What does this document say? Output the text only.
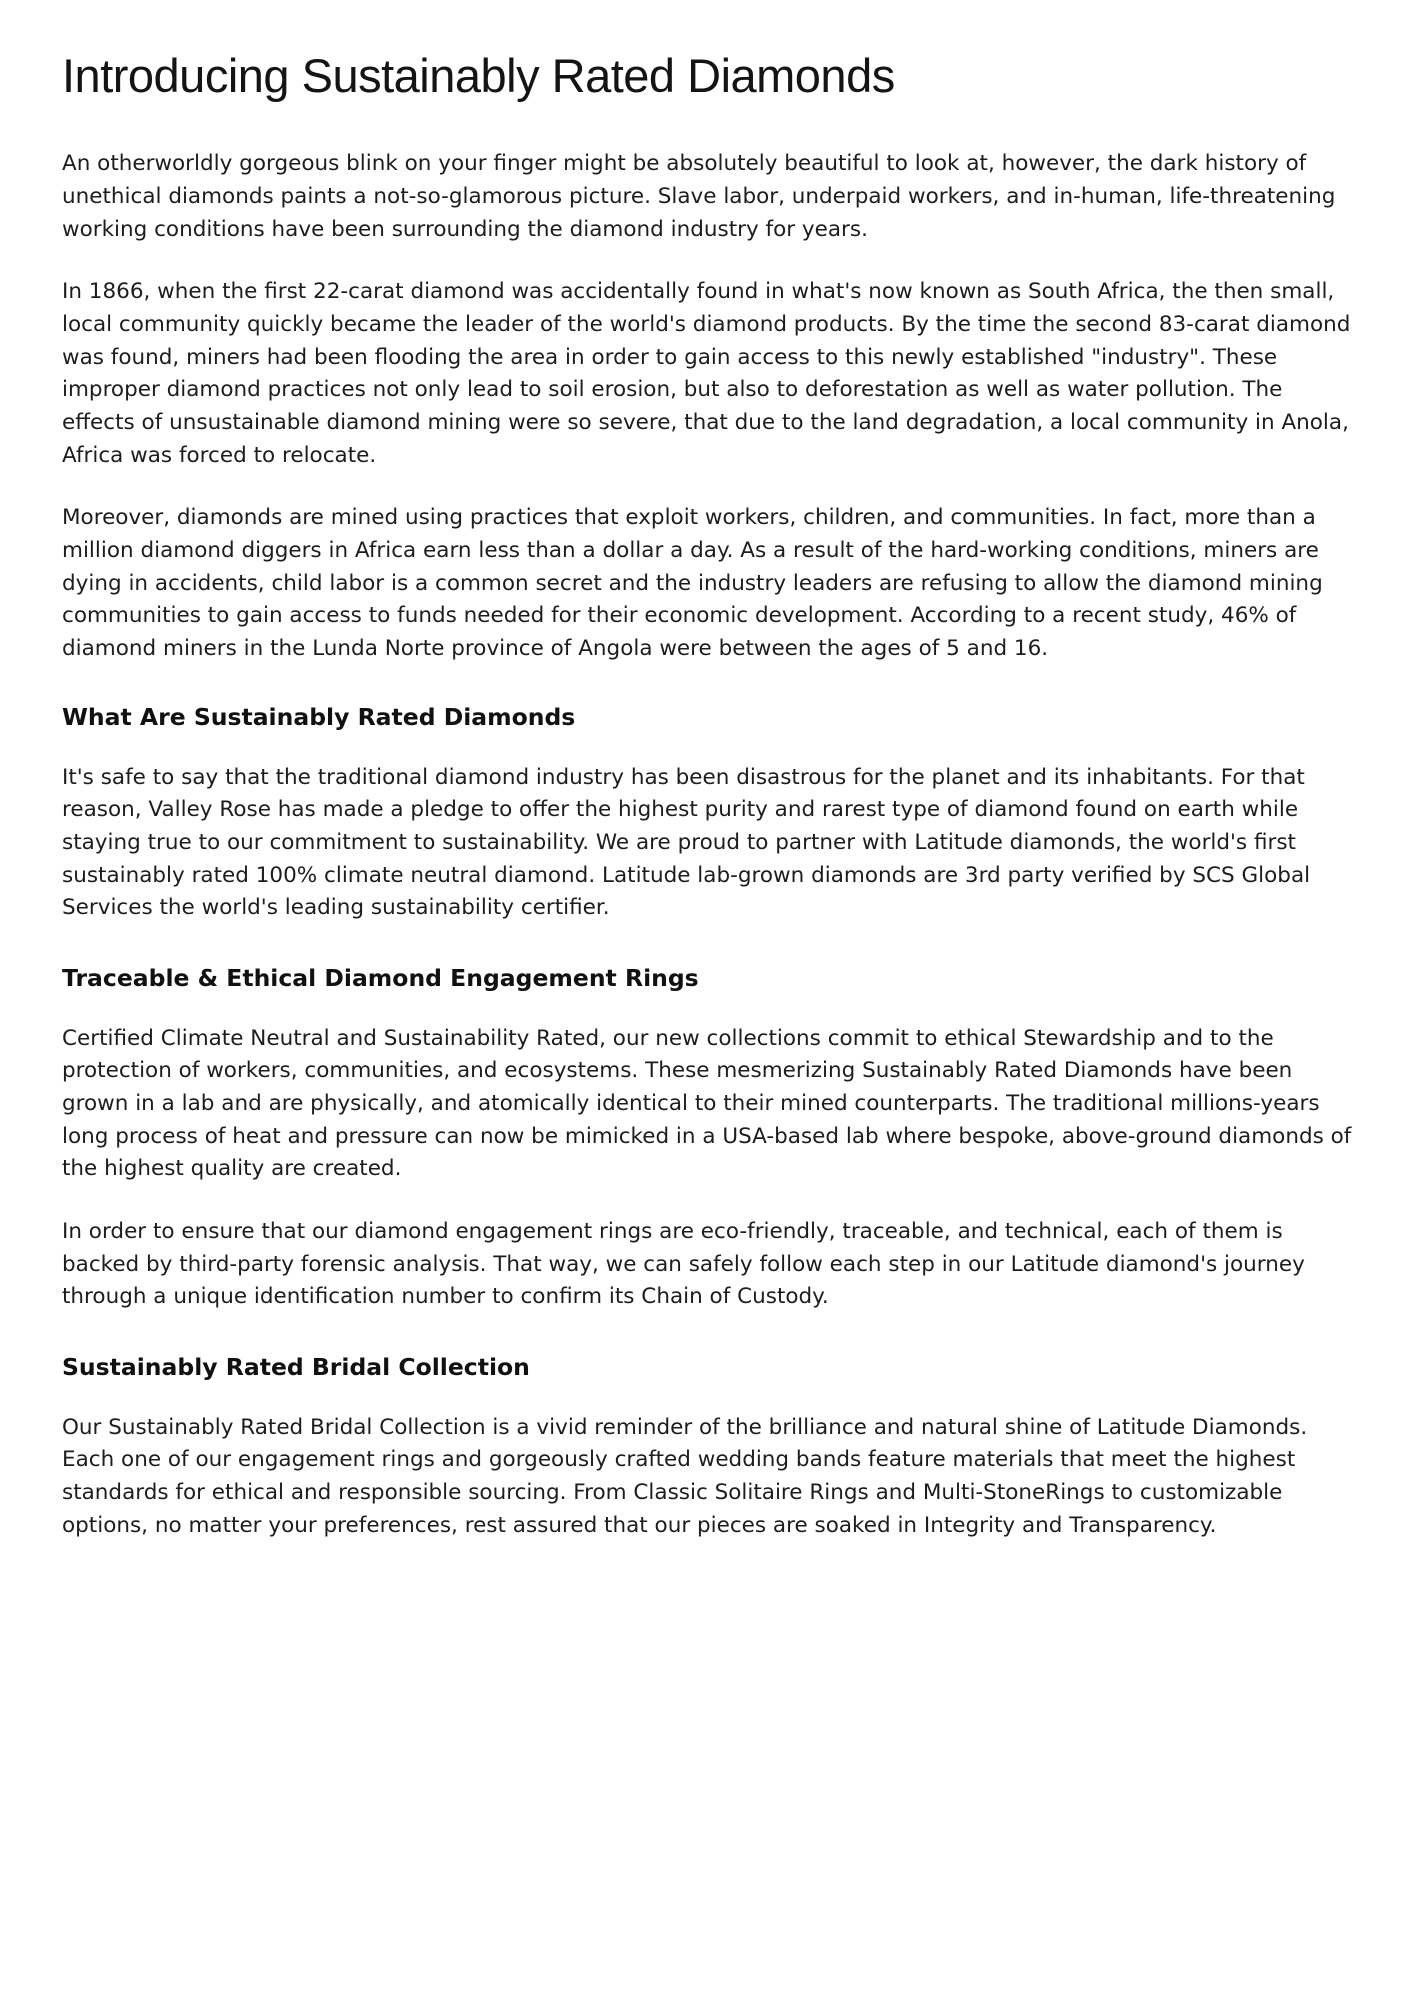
Introducing Sustainably Rated Diamonds

An otherworldly gorgeous blink on your finger might be absolutely beautiful to look at, however, the dark history of unethical diamonds paints a not-so-glamorous picture. Slave labor, underpaid workers, and in-human, life-threatening working conditions have been surrounding the diamond industry for years.

In 1866, when the first 22-carat diamond was accidentally found in what's now known as South Africa, the then small, local community quickly became the leader of the world's diamond products. By the time the second 83-carat diamond was found, miners had been flooding the area in order to gain access to this newly established "industry". These improper diamond practices not only lead to soil erosion, but also to deforestation as well as water pollution. The effects of unsustainable diamond mining were so severe, that due to the land degradation, a local community in Anola, Africa was forced to relocate.

Moreover, diamonds are mined using practices that exploit workers, children, and communities. In fact, more than a million diamond diggers in Africa earn less than a dollar a day. As a result of the hard-working conditions, miners are dying in accidents, child labor is a common secret and the industry leaders are refusing to allow the diamond mining communities to gain access to funds needed for their economic development. According to a recent study, 46% of diamond miners in the Lunda Norte province of Angola were between the ages of 5 and 16.

What Are Sustainably Rated Diamonds

It's safe to say that the traditional diamond industry has been disastrous for the planet and its inhabitants. For that reason, Valley Rose has made a pledge to offer the highest purity and rarest type of diamond found on earth while staying true to our commitment to sustainability. We are proud to partner with Latitude diamonds, the world's first sustainably rated 100% climate neutral diamond. Latitude lab-grown diamonds are 3rd party verified by SCS Global Services the world's leading sustainability certifier.

Traceable & Ethical Diamond Engagement Rings

Certified Climate Neutral and Sustainability Rated, our new collections commit to ethical Stewardship and to the protection of workers, communities, and ecosystems. These mesmerizing Sustainably Rated Diamonds have been grown in a lab and are physically, and atomically identical to their mined counterparts. The traditional millions-years long process of heat and pressure can now be mimicked in a USA-based lab where bespoke, above-ground diamonds of the highest quality are created.

In order to ensure that our diamond engagement rings are eco-friendly, traceable, and technical, each of them is backed by third-party forensic analysis. That way, we can safely follow each step in our Latitude diamond's journey through a unique identification number to confirm its Chain of Custody.

Sustainably Rated Bridal Collection

Our Sustainably Rated Bridal Collection is a vivid reminder of the brilliance and natural shine of Latitude Diamonds. Each one of our engagement rings and gorgeously crafted wedding bands feature materials that meet the highest standards for ethical and responsible sourcing. From Classic Solitaire Rings and Multi-StoneRings to customizable options, no matter your preferences, rest assured that our pieces are soaked in Integrity and Transparency.
